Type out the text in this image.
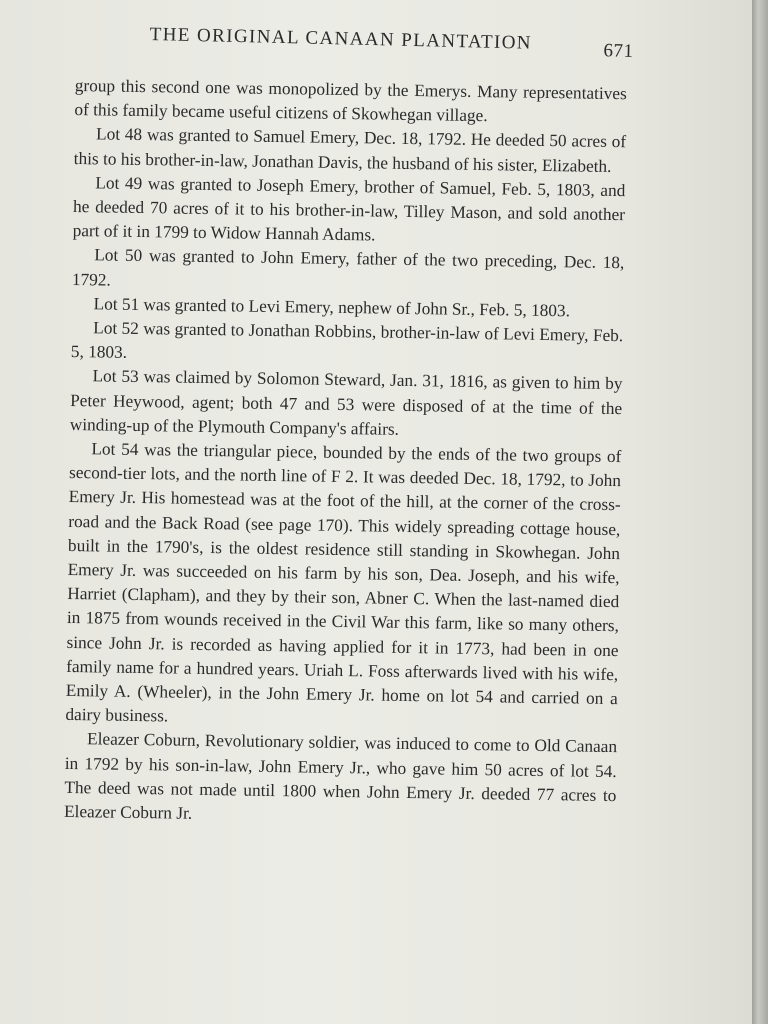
THE ORIGINAL CANAAN PLANTATION	671

group this second one was monopolized by the Emerys. Many representatives of this family became useful citizens of Skowhegan village.

Lot 48 was granted to Samuel Emery, Dec. 18, 1792. He deeded 50 acres of this to his brother-in-law, Jonathan Davis, the husband of his sister, Elizabeth.

Lot 49 was granted to Joseph Emery, brother of Samuel, Feb. 5, 1803, and he deeded 70 acres of it to his brother-in-law, Tilley Mason, and sold another part of it in 1799 to Widow Hannah Adams.

Lot 50 was granted to John Emery, father of the two preceding, Dec. 18, 1792.

Lot 51 was granted to Levi Emery, nephew of John Sr., Feb. 5, 1803.

Lot 52 was granted to Jonathan Robbins, brother-in-law of Levi Emery, Feb. 5, 1803.

Lot 53 was claimed by Solomon Steward, Jan. 31, 1816, as given to him by Peter Heywood, agent; both 47 and 53 were disposed of at the time of the winding-up of the Plymouth Company's affairs.

Lot 54 was the triangular piece, bounded by the ends of the two groups of second-tier lots, and the north line of F 2. It was deeded Dec. 18, 1792, to John Emery Jr. His homestead was at the foot of the hill, at the corner of the cross-road and the Back Road (see page 170). This widely spreading cottage house, built in the 1790's, is the oldest residence still standing in Skowhegan. John Emery Jr. was succeeded on his farm by his son, Dea. Joseph, and his wife, Harriet (Clapham), and they by their son, Abner C. When the last-named died in 1875 from wounds received in the Civil War this farm, like so many others, since John Jr. is recorded as having applied for it in 1773, had been in one family name for a hundred years. Uriah L. Foss afterwards lived with his wife, Emily A. (Wheeler), in the John Emery Jr. home on lot 54 and carried on a dairy business.

Eleazer Coburn, Revolutionary soldier, was induced to come to Old Canaan in 1792 by his son-in-law, John Emery Jr., who gave him 50 acres of lot 54. The deed was not made until 1800 when John Emery Jr. deeded 77 acres to Eleazer Coburn Jr.
